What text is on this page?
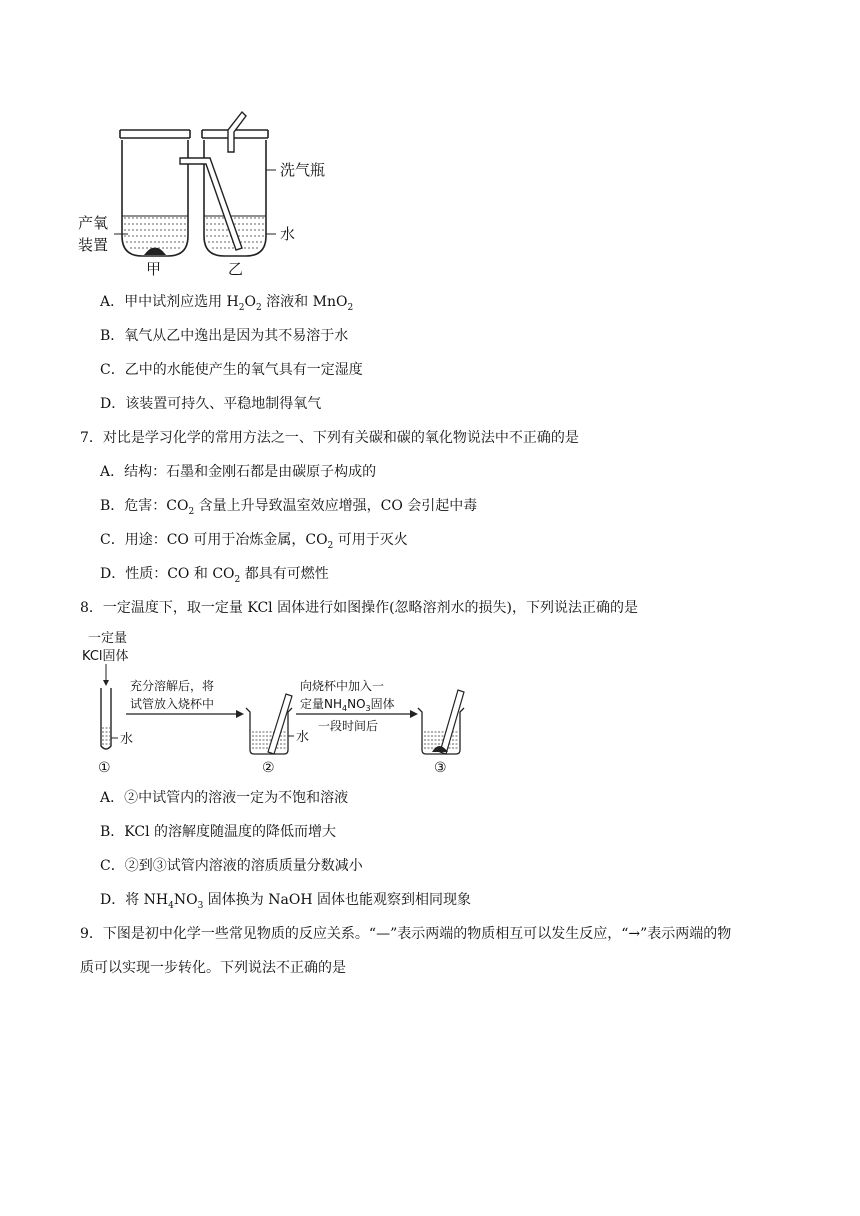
洗气瓶
水
产氧
装置
甲	乙
A．甲中试剂应选用 $H_2O_2$ 溶液和 MnO$_2$
B．氧气从乙中逸出是因为其不易溶于水
C．乙中的水能使产生的氧气具有一定湿度
D．该装置可持久、平稳地制得氧气
7．对比是学习化学的常用方法之一、下列有关碳和碳的氧化物说法中不正确的是
A．结构：石墨和金刚石都是由碳原子构成的
B．危害：$CO_2$ 含量上升导致温室效应增强，CO 会引起中毒
C．用途：CO 可用于冶炼金属，$CO_2$ 可用于灭火
D．性质：CO 和 $CO_2$ 都具有可燃性
8．一定温度下，取一定量 KCl 固体进行如图操作(忽略溶剂水的损失)，下列说法正确的是
一定量
KCl固体
水
①
充分溶解后，将
试管放入烧杯中
水
②
向烧杯中加入一
定量$NH_4NO_3$固体
一段时间后
③
A．②中试管内的溶液一定为不饱和溶液
B．KCl 的溶解度随温度的降低而增大
C．②到③试管内溶液的溶质质量分数减小
D．将 $NH_4NO_3$ 固体换为 NaOH 固体也能观察到相同现象
9．下图是初中化学一些常见物质的反应关系。“—”表示两端的物质相互可以发生反应，“→”表示两端的物
质可以实现一步转化。下列说法不正确的是
